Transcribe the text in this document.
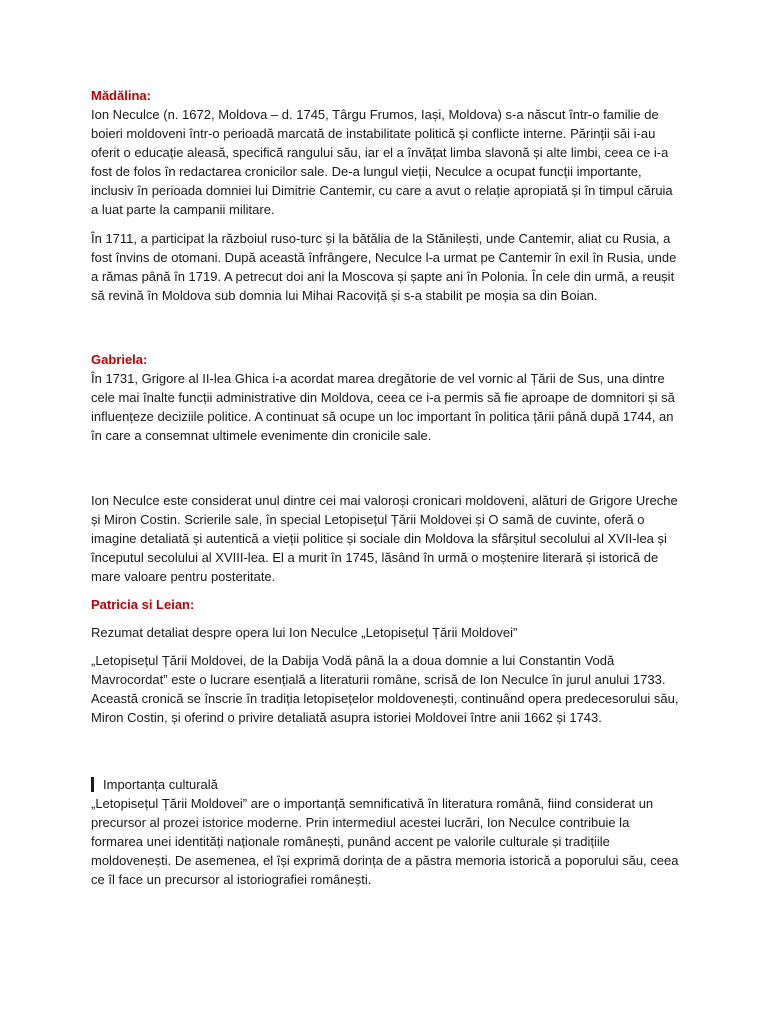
Mădălina:

Ion Neculce (n. 1672, Moldova – d. 1745, Târgu Frumos, Iași, Moldova) s-a născut într-o familie de boieri moldoveni într-o perioadă marcată de instabilitate politică și conflicte interne. Părinții săi i-au oferit o educație aleasă, specifică rangului său, iar el a învățat limba slavonă și alte limbi, ceea ce i-a fost de folos în redactarea cronicilor sale. De-a lungul vieții, Neculce a ocupat funcții importante, inclusiv în perioada domniei lui Dimitrie Cantemir, cu care a avut o relație apropiată și în timpul căruia a luat parte la campanii militare.

În 1711, a participat la războiul ruso-turc și la bătălia de la Stănilești, unde Cantemir, aliat cu Rusia, a fost învins de otomani. După această înfrângere, Neculce l-a urmat pe Cantemir în exil în Rusia, unde a rămas până în 1719. A petrecut doi ani la Moscova și șapte ani în Polonia. În cele din urmă, a reușit să revină în Moldova sub domnia lui Mihai Racoviță și s-a stabilit pe moșia sa din Boian.

Gabriela:

În 1731, Grigore al II-lea Ghica i-a acordat marea dregătorie de vel vornic al Țării de Sus, una dintre cele mai înalte funcții administrative din Moldova, ceea ce i-a permis să fie aproape de domnitori și să influențeze deciziile politice. A continuat să ocupe un loc important în politica țării până după 1744, an în care a consemnat ultimele evenimente din cronicile sale.

Ion Neculce este considerat unul dintre cei mai valoroși cronicari moldoveni, alături de Grigore Ureche și Miron Costin. Scrierile sale, în special Letopisețul Țării Moldovei și O samă de cuvinte, oferă o imagine detaliată și autentică a vieții politice și sociale din Moldova la sfârșitul secolului al XVII-lea și începutul secolului al XVIII-lea. El a murit în 1745, lăsând în urmă o moștenire literară și istorică de mare valoare pentru posteritate.

Patricia si Leian:

Rezumat detaliat despre opera lui Ion Neculce „Letopisețul Țării Moldovei”

„Letopisețul Țării Moldovei, de la Dabija Vodă până la a doua domnie a lui Constantin Vodă Mavrocordat” este o lucrare esențială a literaturii române, scrisă de Ion Neculce în jurul anului 1733. Această cronică se înscrie în tradiția letopisețelor moldovenești, continuând opera predecesorului său, Miron Costin, și oferind o privire detaliată asupra istoriei Moldovei între anii 1662 și 1743.

Importanța culturală

„Letopisețul Țării Moldovei” are o importanță semnificativă în literatura română, fiind considerat un precursor al prozei istorice moderne. Prin intermediul acestei lucrări, Ion Neculce contribuie la formarea unei identități naționale românești, punând accent pe valorile culturale și tradițiile moldovenești. De asemenea, el își exprimă dorința de a păstra memoria istorică a poporului său, ceea ce îl face un precursor al istoriografiei românești.
